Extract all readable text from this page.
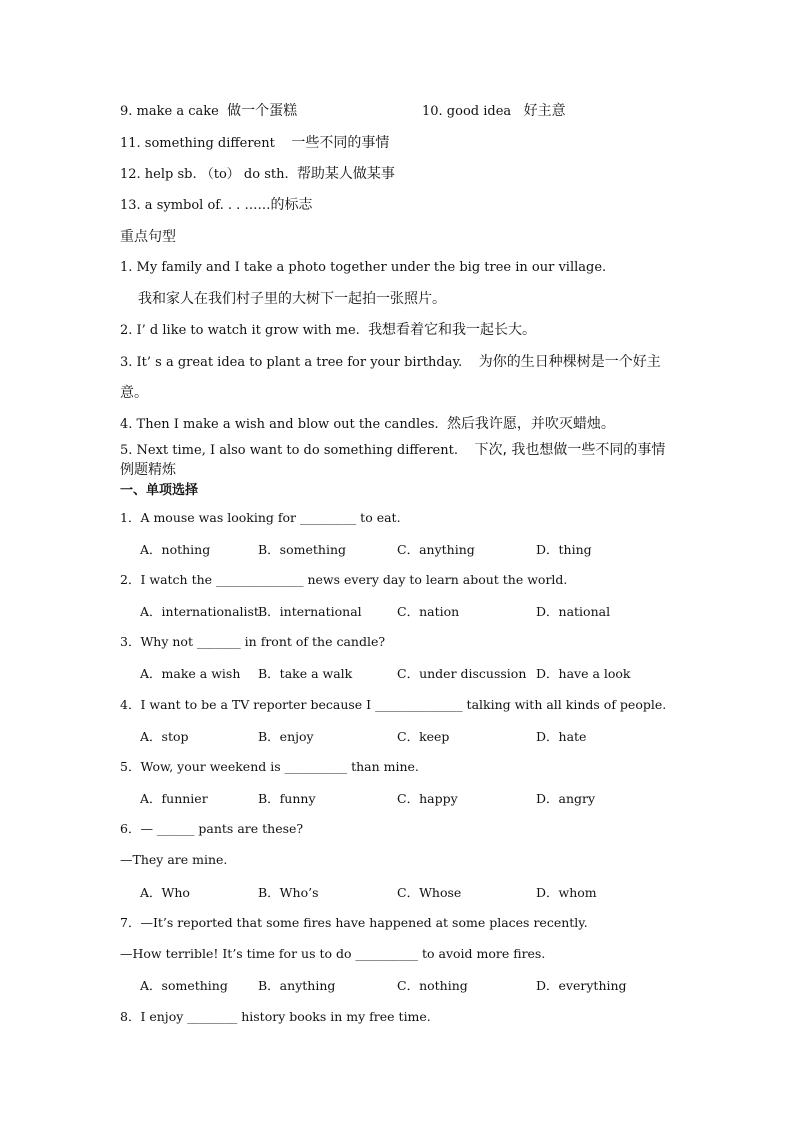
9. make a cake 做一个蛋糕	10. good idea 好主意
11. something different 一些不同的事情
12. help sb. （to） do sth. 帮助某人做某事
13. a symbol of. . . ……的标志
重点句型
1. My family and I take a photo together under the big tree in our village.
我和家人在我们村子里的大树下一起拍一张照片。
2. I’ d like to watch it grow with me. 我想看着它和我一起长大。
3. It’ s a great idea to plant a tree for your birthday. 为你的生日种棵树是一个好主
意。
4. Then I make a wish and blow out the candles. 然后我许愿，并吹灭蜡烛。
5. Next time, I also want to do something different. 下次, 我也想做一些不同的事情
例题精炼
一、单项选择
1．A mouse was looking for _________ to eat.
A．nothing	B．something	C．anything	D．thing
2．I watch the ______________ news every day to learn about the world.
A．internationalist B．international	C．nation	D．national
3．Why not _______ in front of the candle?
A．make a wish B．take a walk	C．under discussion D．have a look
4．I want to be a TV reporter because I ______________ talking with all kinds of people.
A．stop	B．enjoy	C．keep	D．hate
5．Wow, your weekend is __________ than mine.
A．funnier	B．funny	C．happy	D．angry
6．— ______ pants are these?
—They are mine.
A．Who	B．Who’s	C．Whose	D．whom
7．—It’s reported that some fires have happened at some places recently.
—How terrible! It’s time for us to do __________ to avoid more fires.
A．something B．anything	C．nothing	D．everything
8．I enjoy ________ history books in my free time.
